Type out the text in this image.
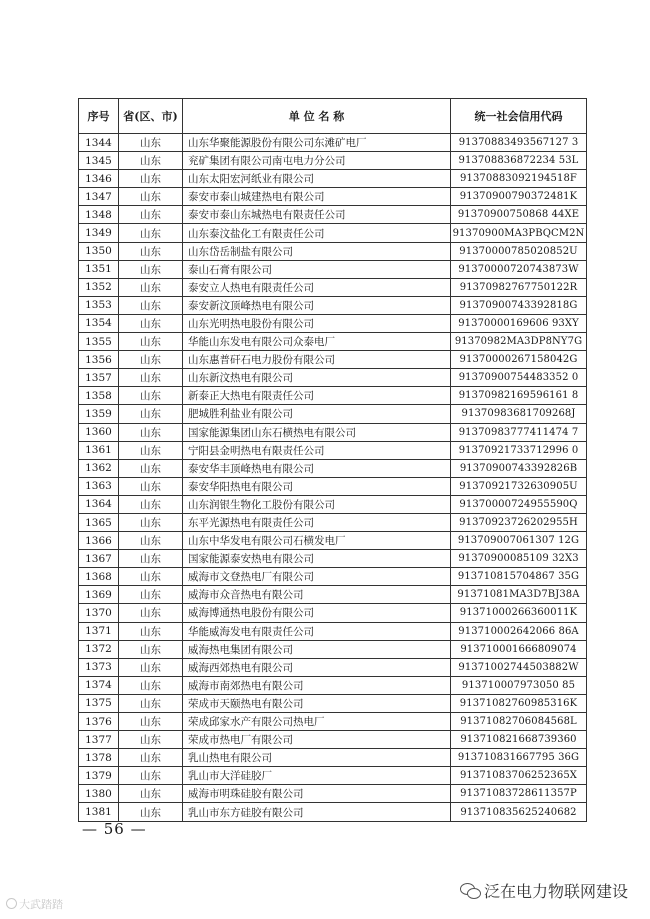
序号	省(区、市)	单 位 名 称	统一社会信用代码
1344	山东	山东华聚能源股份有限公司东滩矿电厂	91370883493567127 3
1345	山东	兖矿集团有限公司南屯电力分公司	913708836872234 53L
1346	山东	山东太阳宏河纸业有限公司	91370883092194518F
1347	山东	泰安市泰山城建热电有限公司	91370900790372481K
1348	山东	泰安市泰山东城热电有限责任公司	91370900750868 44XE
1349	山东	山东泰汶盐化工有限责任公司	91370900MA3PBQCM2N
1350	山东	山东岱岳制盐有限公司	91370000785020852U
1351	山东	泰山石膏有限公司	91370000720743873W
1352	山东	泰安立人热电有限责任公司	91370982767750122R
1353	山东	泰安新汶顶峰热电有限公司	91370900743392818G
1354	山东	山东光明热电股份有限公司	91370000169606 93XY
1355	山东	华能山东发电有限公司众泰电厂	91370982MA3DP8NY7G
1356	山东	山东惠普矸石电力股份有限公司	91370000267158042G
1357	山东	山东新汶热电有限公司	91370900754483352 0
1358	山东	新泰正大热电有限责任公司	91370982169596161 8
1359	山东	肥城胜利盐业有限公司	91370983681709268J
1360	山东	国家能源集团山东石横热电有限公司	91370983777411474 7
1361	山东	宁阳县金明热电有限责任公司	91370921733712996 0
1362	山东	泰安华丰顶峰热电有限公司	91370900743392826B
1363	山东	泰安华阳热电有限公司	91370921732630905U
1364	山东	山东润银生物化工股份有限公司	91370000724955590Q
1365	山东	东平光源热电有限责任公司	91370923726202955H
1366	山东	山东中华发电有限公司石横发电厂	913709007061307 12G
1367	山东	国家能源泰安热电有限公司	91370900085109 32X3
1368	山东	威海市文登热电厂有限公司	913710815704867 35G
1369	山东	威海市众音热电有限公司	91371081MA3D7BJ38A
1370	山东	威海博通热电股份有限公司	91371000266360011K
1371	山东	华能威海发电有限责任公司	913710002642066 86A
1372	山东	威海热电集团有限公司	913710001666809074
1373	山东	威海西郊热电有限公司	91371002744503882W
1374	山东	威海市南郊热电有限公司	913710007973050 85
1375	山东	荣成市天颐热电有限公司	91371082760985316K
1376	山东	荣成邱家水产有限公司热电厂	91371082706084568L
1377	山东	荣成市热电厂有限公司	913710821668739360
1378	山东	乳山热电有限公司	913710831667795 36G
1379	山东	乳山市大洋硅胶厂	91371083706252365X
1380	山东	威海市明珠硅胶有限公司	91371083728611357P
1381	山东	乳山市东方硅胶有限公司	913710835625240682
— 56 —
大武踏踏
泛在电力物联网建设
